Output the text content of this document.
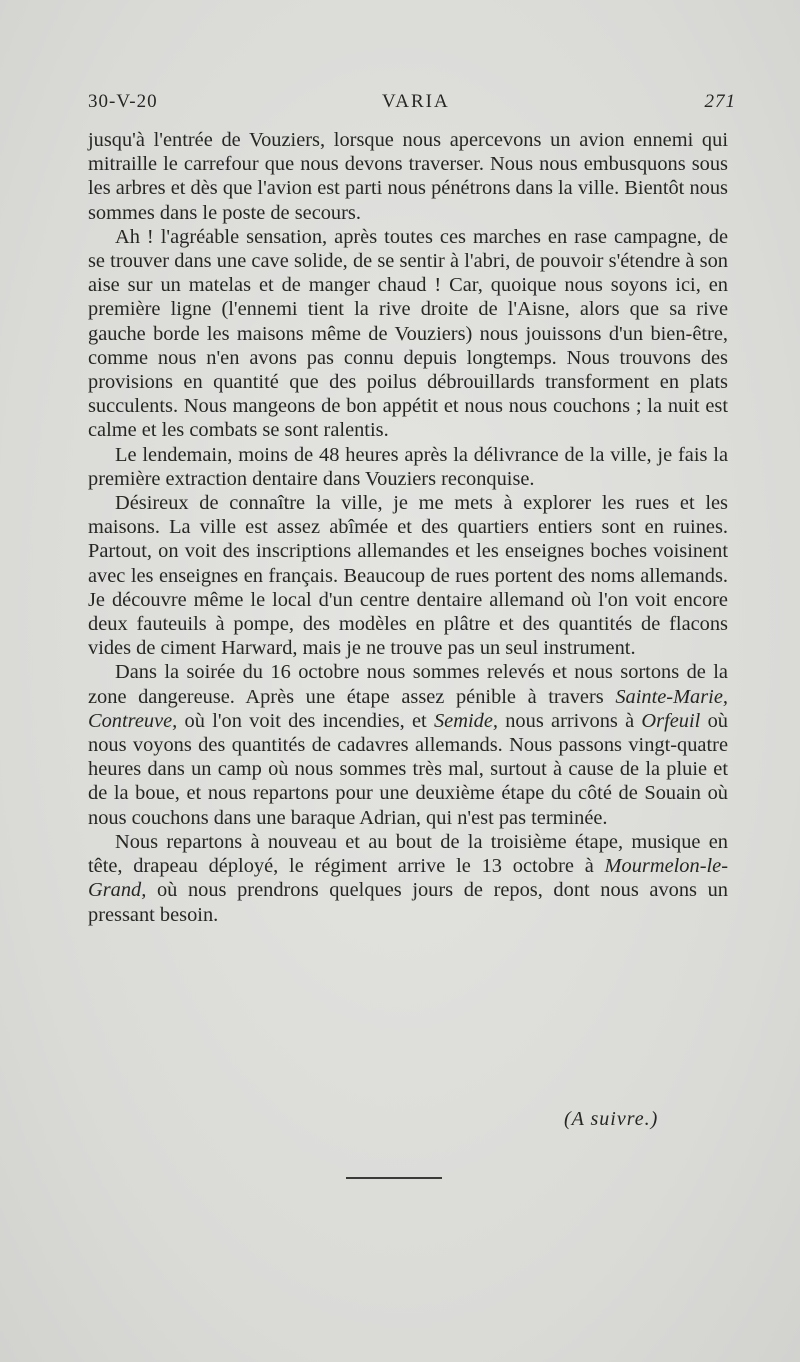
30-V-20	VARIA	271

jusqu'à l'entrée de Vouziers, lorsque nous apercevons un avion ennemi qui mitraille le carrefour que nous devons traverser. Nous nous embusquons sous les arbres et dès que l'avion est parti nous pénétrons dans la ville. Bientôt nous sommes dans le poste de secours.

Ah ! l'agréable sensation, après toutes ces marches en rase campagne, de se trouver dans une cave solide, de se sentir à l'abri, de pouvoir s'étendre à son aise sur un matelas et de manger chaud ! Car, quoique nous soyons ici, en première ligne (l'ennemi tient la rive droite de l'Aisne, alors que sa rive gauche borde les maisons même de Vouziers) nous jouissons d'un bien-être, comme nous n'en avons pas connu depuis longtemps. Nous trouvons des provisions en quantité que des poilus débrouillards transforment en plats succulents. Nous mangeons de bon appétit et nous nous couchons ; la nuit est calme et les combats se sont ralentis.

Le lendemain, moins de 48 heures après la délivrance de la ville, je fais la première extraction dentaire dans Vouziers reconquise.

Désireux de connaître la ville, je me mets à explorer les rues et les maisons. La ville est assez abîmée et des quartiers entiers sont en ruines. Partout, on voit des inscriptions allemandes et les enseignes boches voisinent avec les enseignes en français. Beaucoup de rues portent des noms allemands. Je découvre même le local d'un centre dentaire allemand où l'on voit encore deux fauteuils à pompe, des modèles en plâtre et des quantités de flacons vides de ciment Harward, mais je ne trouve pas un seul instrument.

Dans la soirée du 16 octobre nous sommes relevés et nous sortons de la zone dangereuse. Après une étape assez pénible à travers Sainte-Marie, Contreuve, où l'on voit des incendies, et Semide, nous arrivons à Orfeuil où nous voyons des quantités de cadavres allemands. Nous passons vingt-quatre heures dans un camp où nous sommes très mal, surtout à cause de la pluie et de la boue, et nous repartons pour une deuxième étape du côté de Souain où nous couchons dans une baraque Adrian, qui n'est pas terminée.

Nous repartons à nouveau et au bout de la troisième étape, musique en tête, drapeau déployé, le régiment arrive le 13 octobre à Mourmelon-le-Grand, où nous prendrons quelques jours de repos, dont nous avons un pressant besoin.

(A suivre.)
